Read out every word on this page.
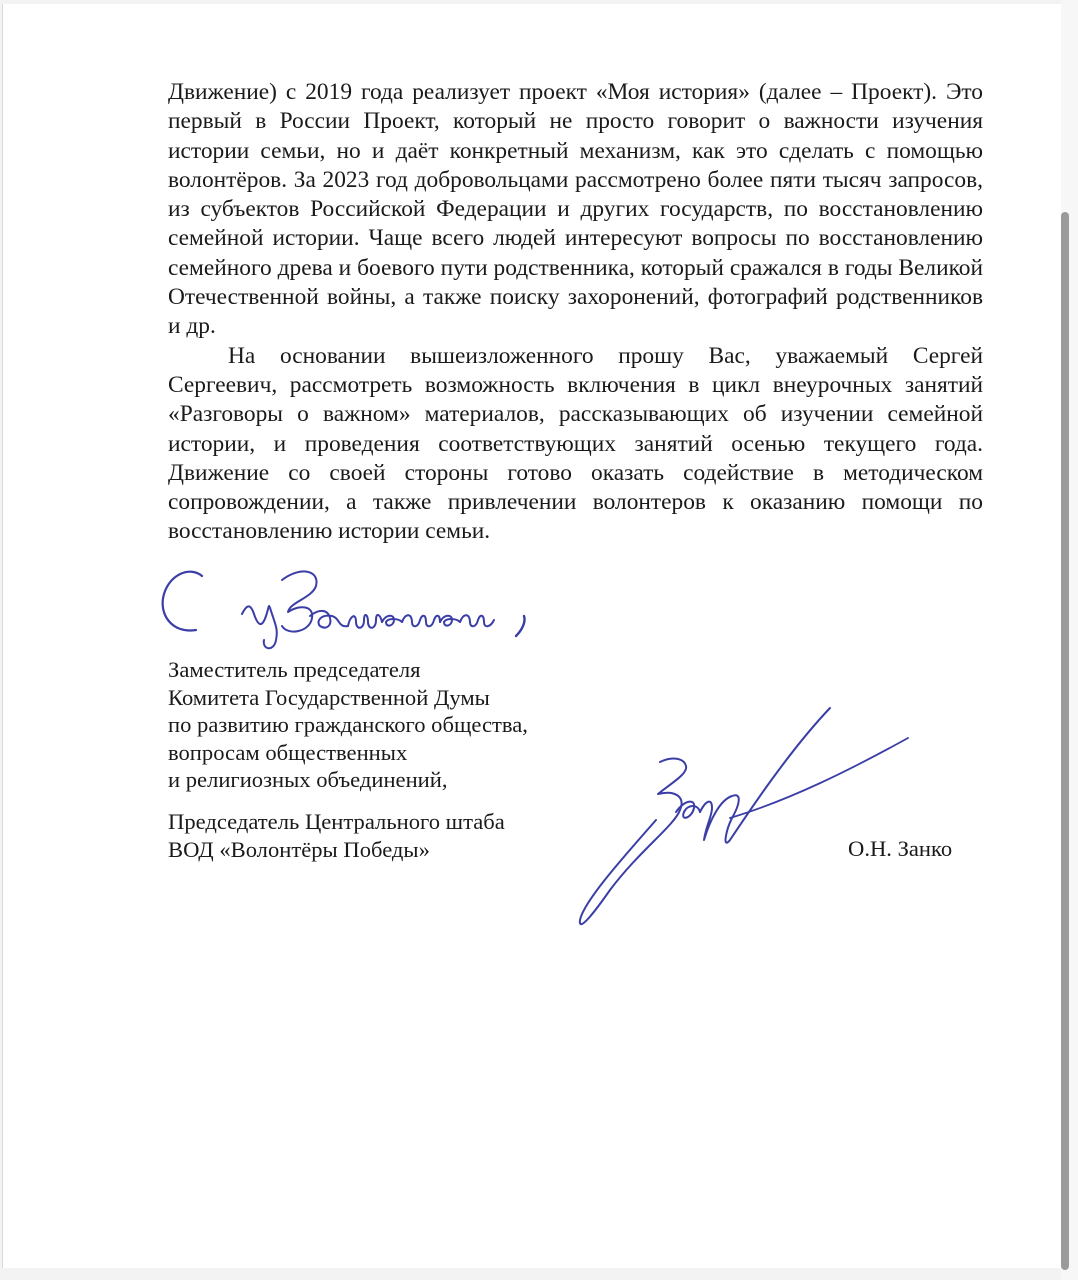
Движение) с 2019 года реализует проект «Моя история» (далее – Проект). Это первый в России Проект, который не просто говорит о важности изучения истории семьи, но и даёт конкретный механизм, как это сделать с помощью волонтёров. За 2023 год добровольцами рассмотрено более пяти тысяч запросов, из субъектов Российской Федерации и других государств, по восстановлению семейной истории. Чаще всего людей интересуют вопросы по восстановлению семейного древа и боевого пути родственника, который сражался в годы Великой Отечественной войны, а также поиску захоронений, фотографий родственников и др.

На основании вышеизложенного прошу Вас, уважаемый Сергей Сергеевич, рассмотреть возможность включения в цикл внеурочных занятий «Разговоры о важном» материалов, рассказывающих об изучении семейной истории, и проведения соответствующих занятий осенью текущего года. Движение со своей стороны готово оказать содействие в методическом сопровождении, а также привлечении волонтеров к оказанию помощи по восстановлению истории семьи.

Заместитель председателя
Комитета Государственной Думы
по развитию гражданского общества,
вопросам общественных
и религиозных объединений,
Председатель Центрального штаба
ВОД «Волонтёры Победы»	О.Н. Занко
